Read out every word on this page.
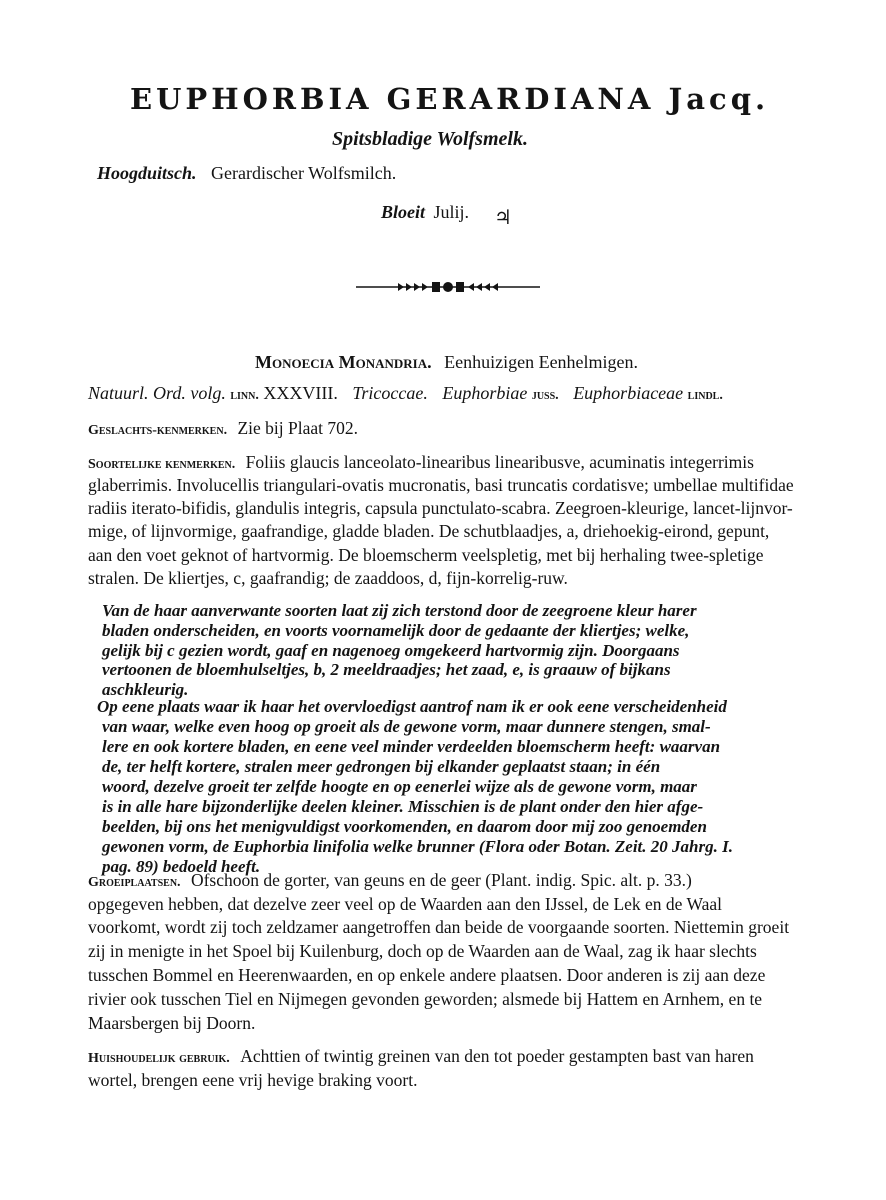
EUPHORBIA GERARDIANA Jacq.
Spitsbladige Wolfsmelk.
Hoogduitsch. Gerardischer Wolfsmilch.
Bloeit Julij. ♃
Monoecia Monandria. Eenhuizigen Eenhelmigen.
Natuurl. Ord. volg. linn. XXXVIII. Tricoccae. Euphorbiae juss. Euphorbiaceae lindl.
Geslachts-kenmerken. Zie bij Plaat 702.
Soortelijke kenmerken. Foliis glaucis lanceolato-linearibus linearibusve, acuminatis integerrimis
glaberrimis. Involucellis triangulari-ovatis mucronatis, basi truncatis cordatisve; umbellae multifidae
radiis iterato-bifidis, glandulis integris, capsula punctulato-scabra. Zeegroen-kleurige, lancet-lijnvor-
mige, of lijnvormige, gaafrandige, gladde bladen. De schutblaadjes, a, driehoekig-eirond, gepunt,
aan den voet geknot of hartvormig. De bloemscherm veelspletig, met bij herhaling twee-spletige
stralen. De kliertjes, c, gaafrandig; de zaaddoos, d, fijn-korrelig-ruw.
Van de haar aanverwante soorten laat zij zich terstond door de zeegroene kleur harer
bladen onderscheiden, en voorts voornamelijk door de gedaante der kliertjes; welke,
gelijk bij c gezien wordt, gaaf en nagenoeg omgekeerd hartvormig zijn. Doorgaans
vertoonen de bloemhulseltjes, b, 2 meeldraadjes; het zaad, e, is graauw of bijkans
aschkleurig.
Op eene plaats waar ik haar het overvloedigst aantrof nam ik er ook eene verscheidenheid
van waar, welke even hoog op groeit als de gewone vorm, maar dunnere stengen, smal-
lere en ook kortere bladen, en eene veel minder verdeelden bloemscherm heeft: waarvan
de, ter helft kortere, stralen meer gedrongen bij elkander geplaatst staan; in één
woord, dezelve groeit ter zelfde hoogte en op eenerlei wijze als de gewone vorm, maar
is in alle hare bijzonderlijke deelen kleiner. Misschien is de plant onder den hier afge-
beelden, bij ons het menigvuldigst voorkomenden, en daarom door mij zoo genoemden
gewonen vorm, de Euphorbia linifolia welke brunner (Flora oder Botan. Zeit. 20 Jahrg. I.
pag. 89) bedoeld heeft.
Groeiplaatsen. Ofschoon de gorter, van geuns en de geer (Plant. indig. Spic. alt. p. 33.)
opgegeven hebben, dat dezelve zeer veel op de Waarden aan den IJssel, de Lek en de Waal
voorkomt, wordt zij toch zeldzamer aangetroffen dan beide de voorgaande soorten. Niettemin groeit
zij in menigte in het Spoel bij Kuilenburg, doch op de Waarden aan de Waal, zag ik haar slechts
tusschen Bommel en Heerenwaarden, en op enkele andere plaatsen. Door anderen is zij aan deze
rivier ook tusschen Tiel en Nijmegen gevonden geworden; alsmede bij Hattem en Arnhem, en te
Maarsbergen bij Doorn.
Huishoudelijk gebruik. Achttien of twintig greinen van den tot poeder gestampten bast van haren
wortel, brengen eene vrij hevige braking voort.
